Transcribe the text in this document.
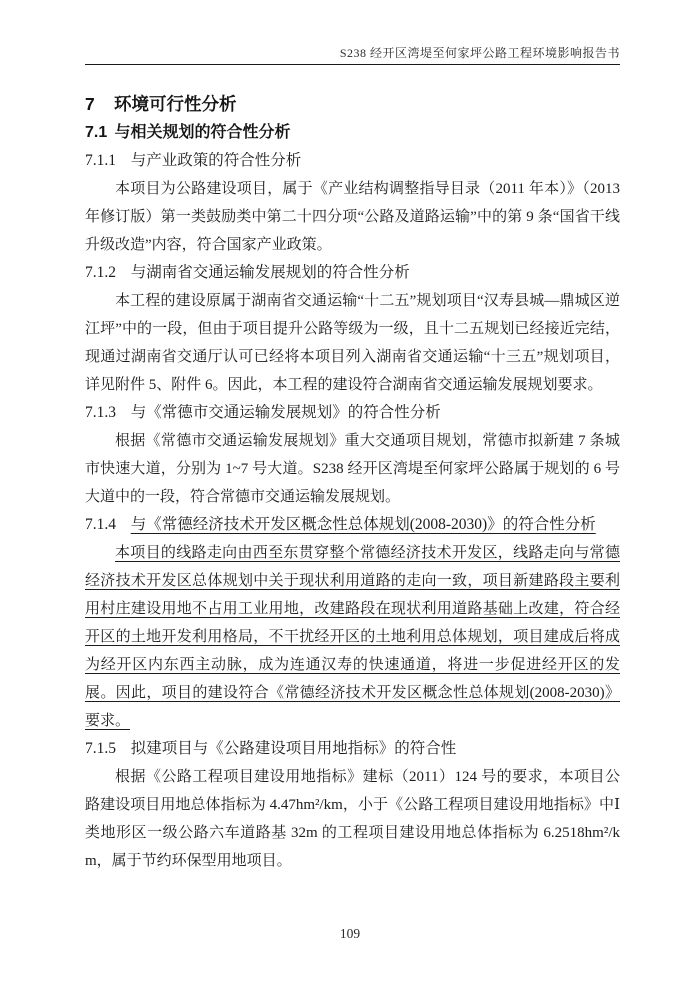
S238 经开区湾堤至何家坪公路工程环境影响报告书
7 环境可行性分析
7.1 与相关规划的符合性分析
7.1.1 与产业政策的符合性分析

本项目为公路建设项目，属于《产业结构调整指导目录（2011 年本）》（2013 年修订版）第一类鼓励类中第二十四分项“公路及道路运输”中的第 9 条“国省干线升级改造”内容，符合国家产业政策。

7.1.2 与湖南省交通运输发展规划的符合性分析

本工程的建设原属于湖南省交通运输“十二五”规划项目“汉寿县城—鼎城区逆江坪”中的一段，但由于项目提升公路等级为一级，且十二五规划已经接近完结，现通过湖南省交通厅认可已经将本项目列入湖南省交通运输“十三五”规划项目，详见附件 5、附件 6。因此，本工程的建设符合湖南省交通运输发展规划要求。

7.1.3 与《常德市交通运输发展规划》的符合性分析

根据《常德市交通运输发展规划》重大交通项目规划，常德市拟新建 7 条城市快速大道，分别为 1~7 号大道。S238 经开区湾堤至何家坪公路属于规划的 6 号大道中的一段，符合常德市交通运输发展规划。

7.1.4 与《常德经济技术开发区概念性总体规划(2008-2030)》的符合性分析

本项目的线路走向由西至东贯穿整个常德经济技术开发区，线路走向与常德经济技术开发区总体规划中关于现状利用道路的走向一致，项目新建路段主要利用村庄建设用地不占用工业用地，改建路段在现状利用道路基础上改建，符合经开区的土地开发利用格局，不干扰经开区的土地利用总体规划，项目建成后将成为经开区内东西主动脉，成为连通汉寿的快速通道，将进一步促进经开区的发展。因此，项目的建设符合《常德经济技术开发区概念性总体规划(2008-2030)》要求。

7.1.5 拟建项目与《公路建设项目用地指标》的符合性

根据《公路工程项目建设用地指标》建标（2011）124 号的要求，本项目公路建设项目用地总体指标为 4.47hm²/km，小于《公路工程项目建设用地指标》中Ⅰ类地形区一级公路六车道路基 32m 的工程项目建设用地总体指标为 6.2518hm²/km，属于节约环保型用地项目。

109
